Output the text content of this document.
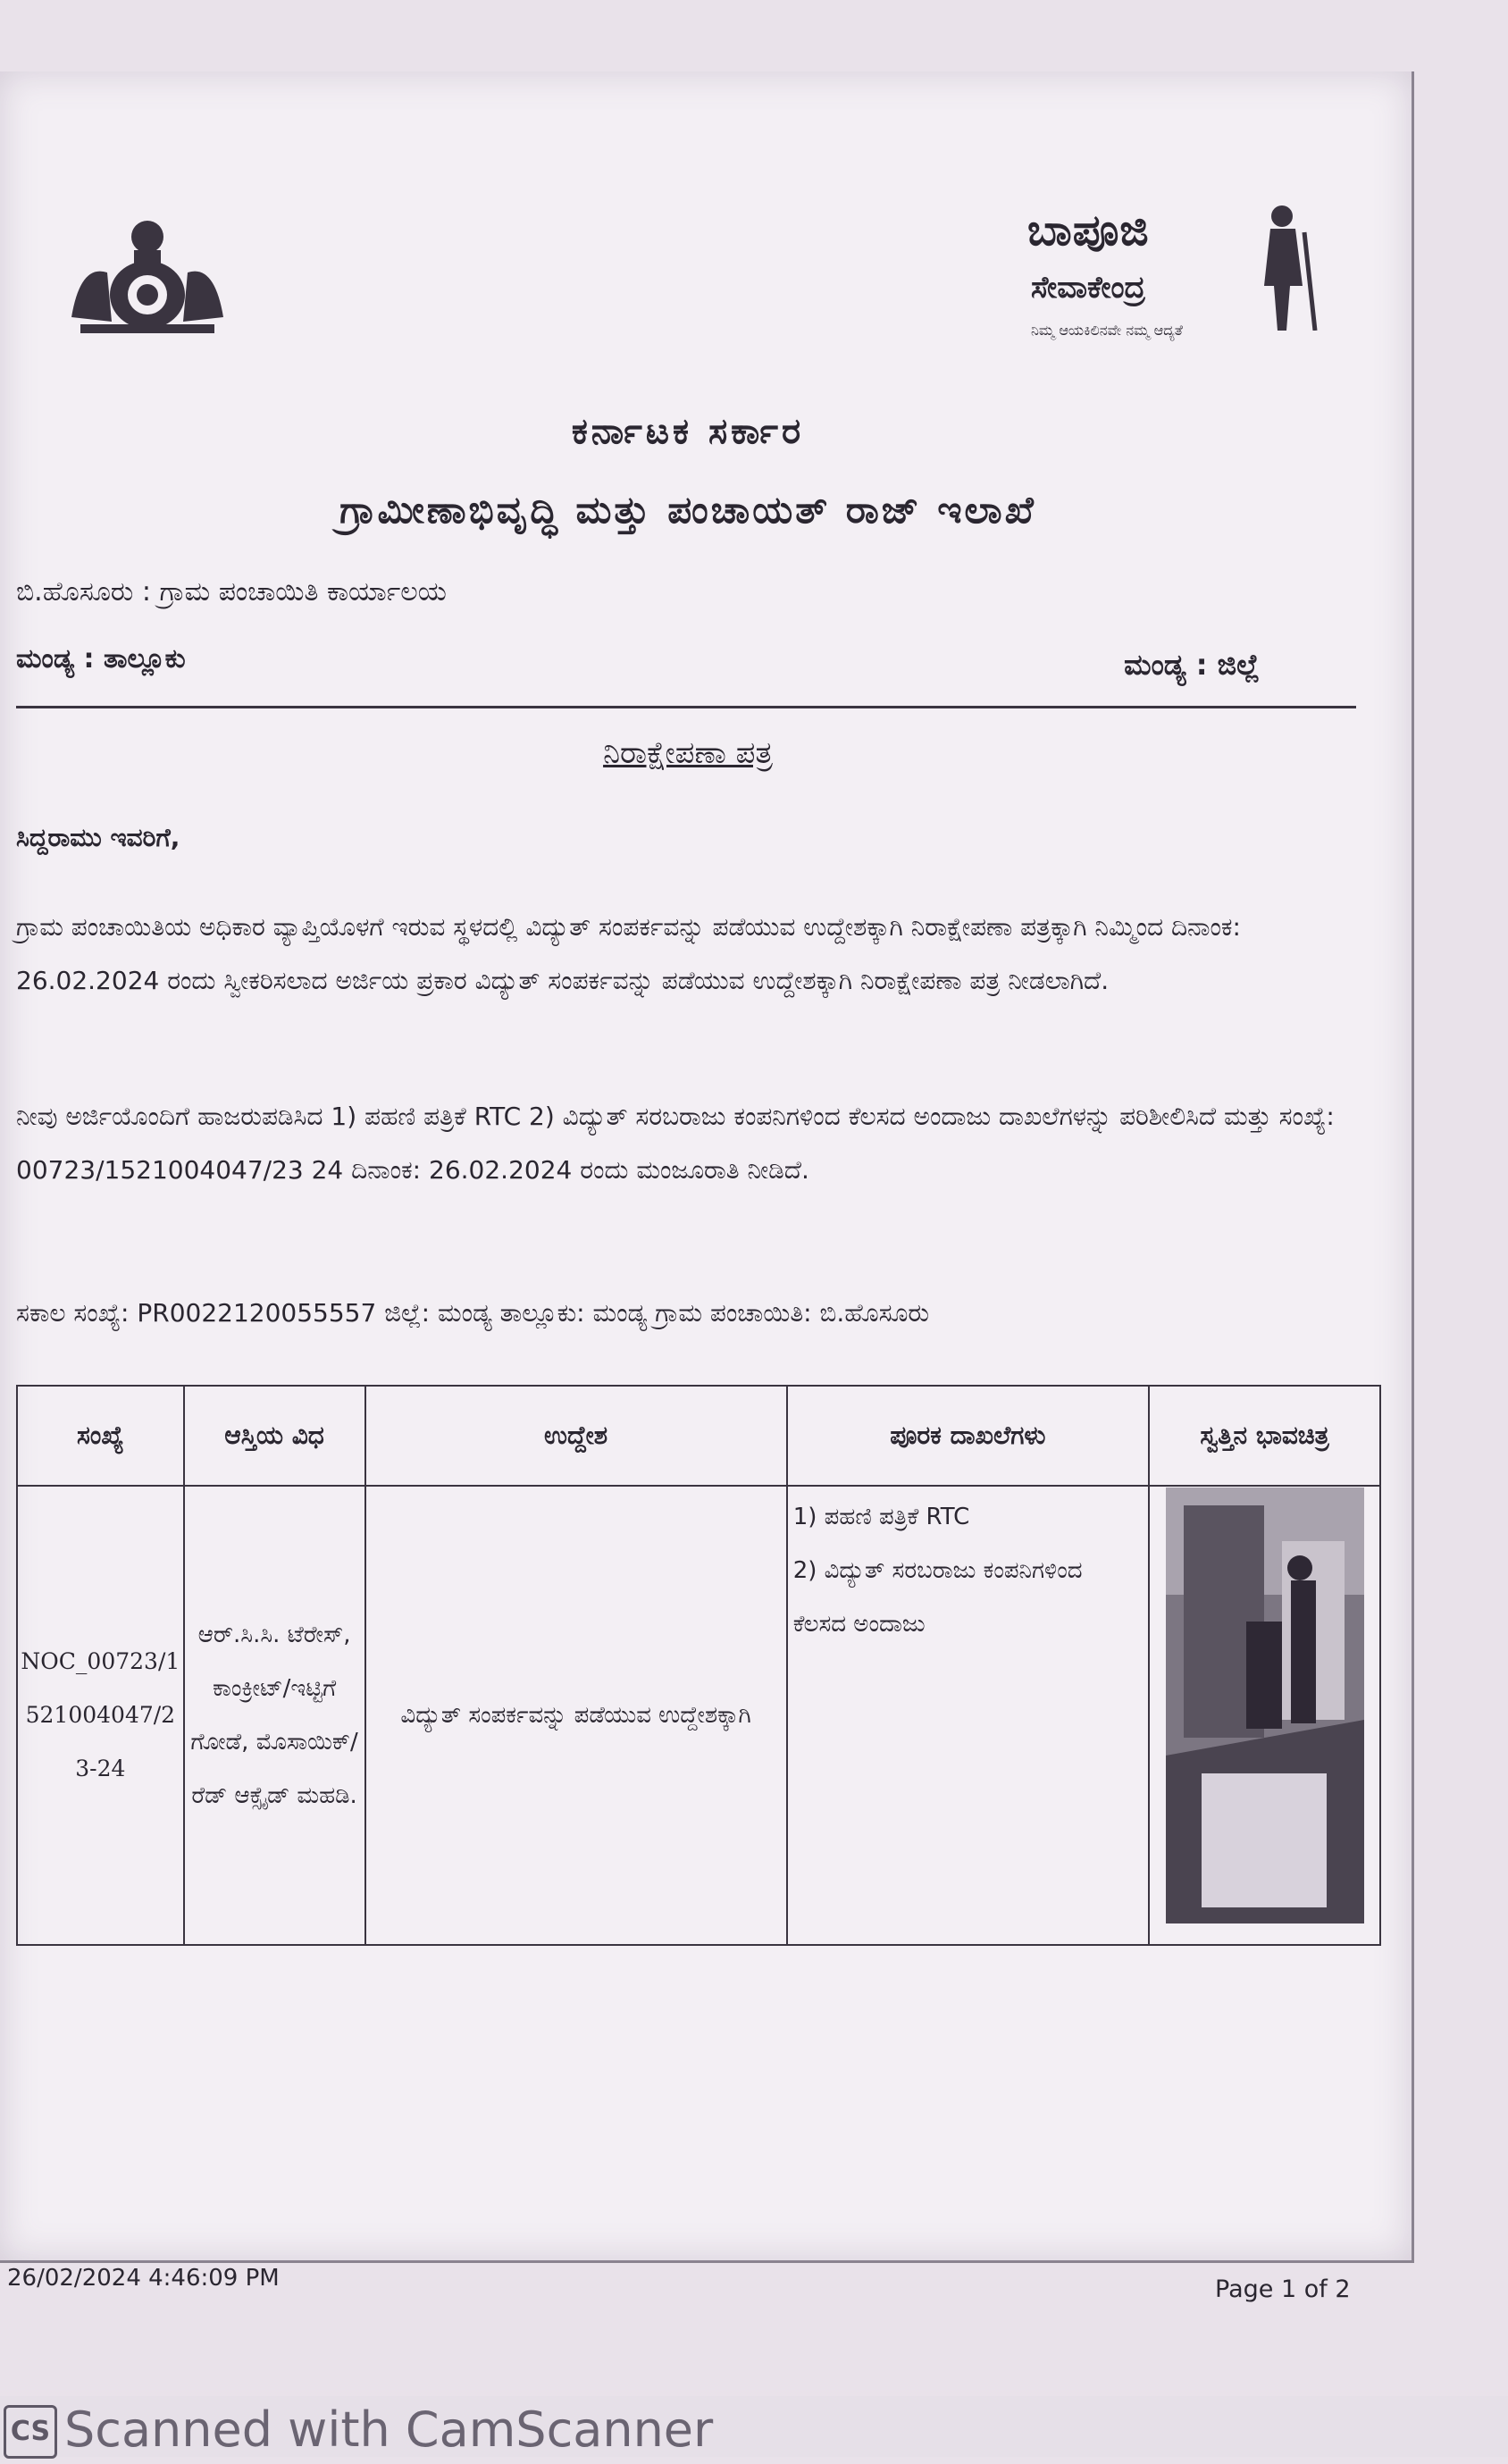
ಬಾಪೂಜಿ
ಸೇವಾಕೇಂದ್ರ
ನಿಮ್ಮ ಆಯಕಿಲಿನವೇ ನಮ್ಮ ಆದ್ಯತೆ
ಕರ್ನಾಟಕ ಸರ್ಕಾರ
ಗ್ರಾಮೀಣಾಭಿವೃದ್ಧಿ ಮತ್ತು ಪಂಚಾಯತ್ ರಾಜ್ ಇಲಾಖೆ
ಬಿ.ಹೊಸೂರು : ಗ್ರಾಮ ಪಂಚಾಯಿತಿ ಕಾರ್ಯಾಲಯ
ಮಂಡ್ಯ : ತಾಲ್ಲೂಕು	ಮಂಡ್ಯ : ಜಿಲ್ಲೆ
ನಿರಾಕ್ಷೇಪಣಾ ಪತ್ರ
ಸಿದ್ದರಾಮು ಇವರಿಗೆ,
ಗ್ರಾಮ ಪಂಚಾಯಿತಿಯ ಅಧಿಕಾರ ವ್ಯಾಪ್ತಿಯೊಳಗೆ ಇರುವ ಸ್ಥಳದಲ್ಲಿ ವಿದ್ಯುತ್ ಸಂಪರ್ಕವನ್ನು ಪಡೆಯುವ ಉದ್ದೇಶಕ್ಕಾಗಿ ನಿರಾಕ್ಷೇಪಣಾ ಪತ್ರಕ್ಕಾಗಿ ನಿಮ್ಮಿಂದ ದಿನಾಂಕ: 26.02.2024 ರಂದು ಸ್ವೀಕರಿಸಲಾದ ಅರ್ಜಿಯ ಪ್ರಕಾರ ವಿದ್ಯುತ್ ಸಂಪರ್ಕವನ್ನು ಪಡೆಯುವ ಉದ್ದೇಶಕ್ಕಾಗಿ ನಿರಾಕ್ಷೇಪಣಾ ಪತ್ರ ನೀಡಲಾಗಿದೆ.
ನೀವು ಅರ್ಜಿಯೊಂದಿಗೆ ಹಾಜರುಪಡಿಸಿದ 1) ಪಹಣಿ ಪತ್ರಿಕೆ RTC 2) ವಿದ್ಯುತ್ ಸರಬರಾಜು ಕಂಪನಿಗಳಿಂದ ಕೆಲಸದ ಅಂದಾಜು ದಾಖಲೆಗಳನ್ನು ಪರಿಶೀಲಿಸಿದೆ ಮತ್ತು ಸಂಖ್ಯೆ: 00723/1521004047/23 24 ದಿನಾಂಕ: 26.02.2024 ರಂದು ಮಂಜೂರಾತಿ ನೀಡಿದೆ.
ಸಕಾಲ ಸಂಖ್ಯೆ: PR0022120055557 ಜಿಲ್ಲೆ: ಮಂಡ್ಯ ತಾಲ್ಲೂಕು: ಮಂಡ್ಯ ಗ್ರಾಮ ಪಂಚಾಯಿತಿ: ಬಿ.ಹೊಸೂರು
ಸಂಖ್ಯೆ	ಆಸ್ತಿಯ ವಿಧ	ಉದ್ದೇಶ	ಪೂರಕ ದಾಖಲೆಗಳು	ಸ್ವತ್ತಿನ ಭಾವಚಿತ್ರ
NOC_00723/1521004047/23-24	ಆರ್.ಸಿ.ಸಿ. ಟೆರೇಸ್, ಕಾಂಕ್ರೀಟ್/ಇಟ್ಟಿಗೆ ಗೋಡೆ, ಮೊಸಾಯಿಕ್/ರೆಡ್ ಆಕ್ಸೈಡ್ ಮಹಡಿ.	ವಿದ್ಯುತ್ ಸಂಪರ್ಕವನ್ನು ಪಡೆಯುವ ಉದ್ದೇಶಕ್ಕಾಗಿ	1) ಪಹಣಿ ಪತ್ರಿಕೆ RTC
2) ವಿದ್ಯುತ್ ಸರಬರಾಜು ಕಂಪನಿಗಳಿಂದ ಕೆಲಸದ ಅಂದಾಜು

26/02/2024 4:46:09 PM	Page 1 of 2
CS Scanned with CamScanner
